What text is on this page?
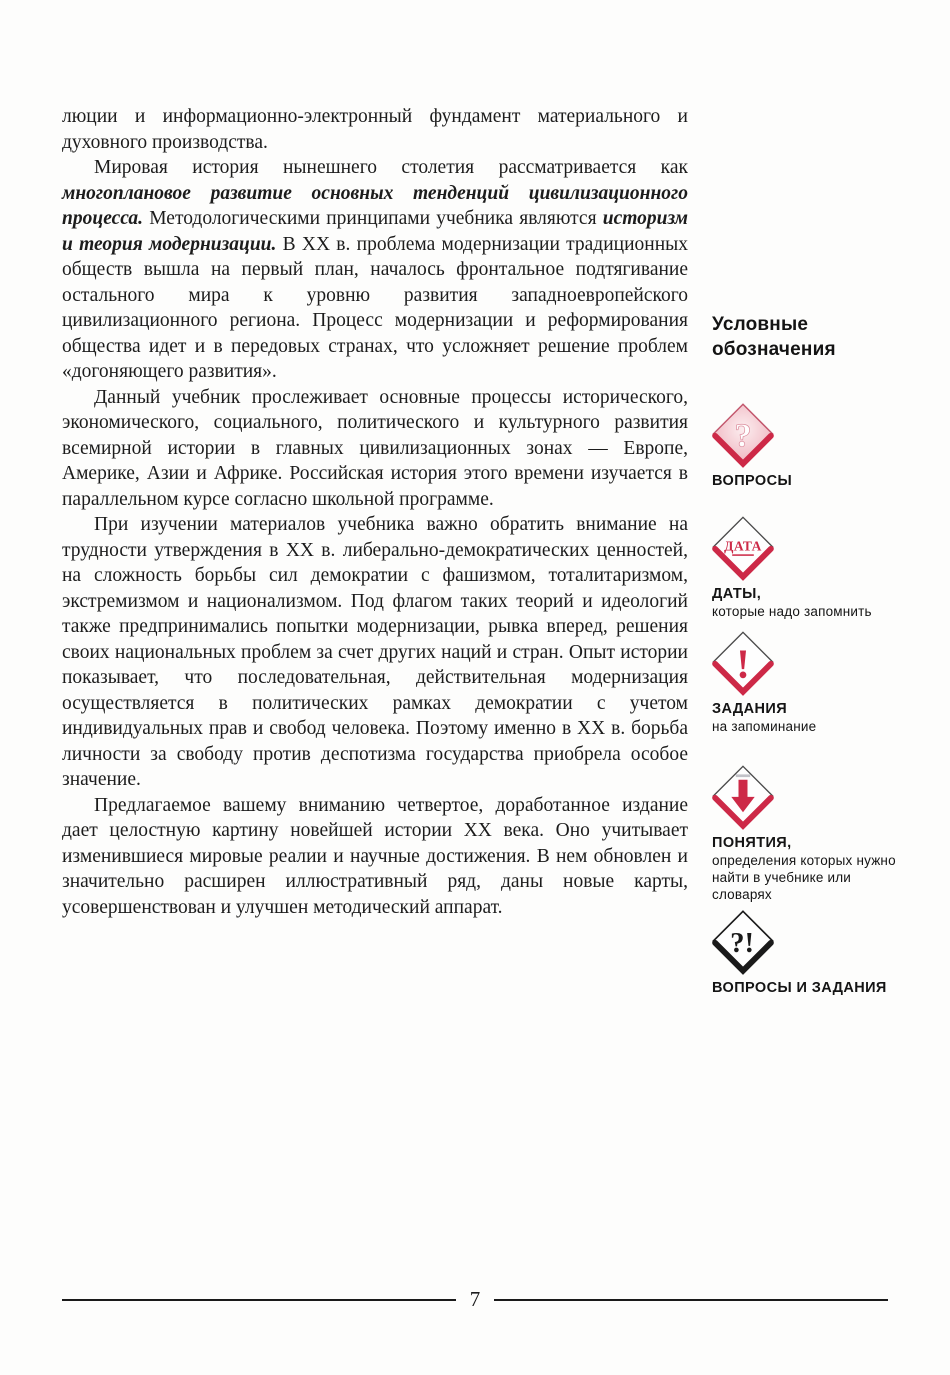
люции и информационно-электронный фундамент материального и духовного производства.

Мировая история нынешнего столетия рассматривается как многоплановое развитие основных тенденций цивилизационного процесса. Методологическими принципами учебника являются историзм и теория модернизации. В XX в. проблема модернизации традиционных обществ вышла на первый план, началось фронтальное подтягивание остального мира к уровню развития западноевропейского цивилизационного региона. Процесс модернизации и реформирования общества идет и в передовых странах, что усложняет решение проблем «догоняющего развития».

Данный учебник прослеживает основные процессы исторического, экономического, социального, политического и культурного развития всемирной истории в главных цивилизационных зонах — Европе, Америке, Азии и Африке. Российская история этого времени изучается в параллельном курсе согласно школьной программе.

При изучении материалов учебника важно обратить внимание на трудности утверждения в XX в. либерально-демократических ценностей, на сложность борьбы сил демократии с фашизмом, тоталитаризмом, экстремизмом и национализмом. Под флагом таких теорий и идеологий также предпринимались попытки модернизации, рывка вперед, решения своих национальных проблем за счет других наций и стран. Опыт истории показывает, что последовательная, действительная модернизация осуществляется в политических рамках демократии с учетом индивидуальных прав и свобод человека. Поэтому именно в XX в. борьба личности за свободу против деспотизма государства приобрела особое значение.

Предлагаемое вашему вниманию четвертое, доработанное издание дает целостную картину новейшей истории XX века. Оно учитывает изменившиеся мировые реалии и научные достижения. В нем обновлен и значительно расширен иллюстративный ряд, даны новые карты, усовершенствован и улучшен методический аппарат.

Условные обозначения
?
ВОПРОСЫ
ДАТА
ДАТЫ,
которые надо запомнить
!
ЗАДАНИЯ
на запоминание
ПОНЯТИЯ,
определения которых нужно найти в учебнике или словарях
?!
ВОПРОСЫ И ЗАДАНИЯ
7
